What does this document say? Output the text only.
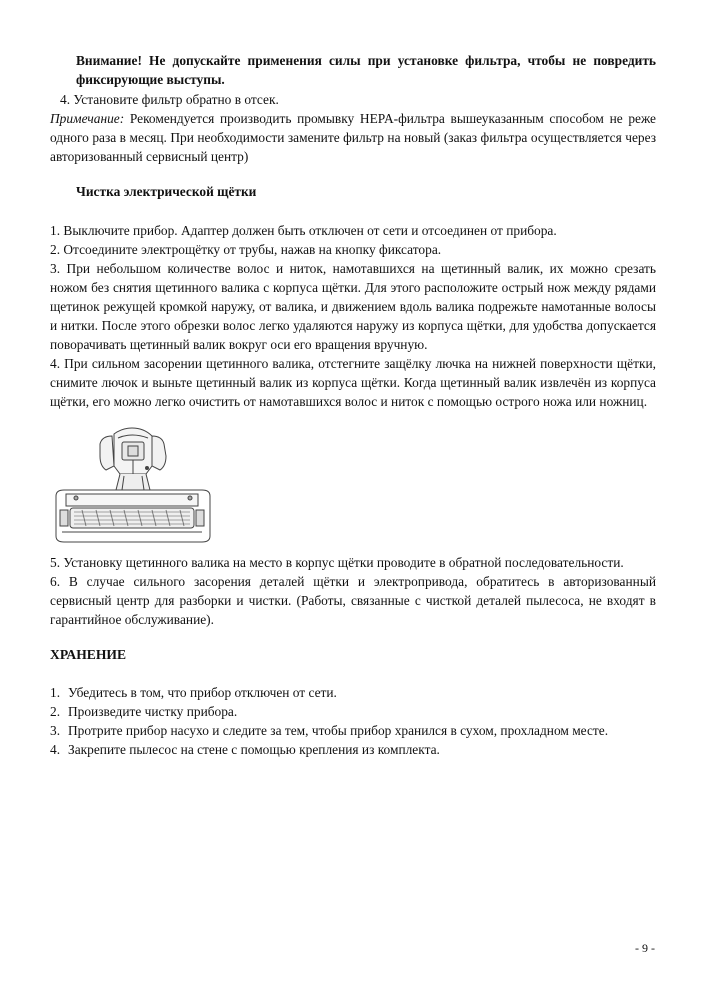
Внимание! Не допускайте применения силы при установке фильтра, чтобы не повредить фиксирующие выступы.

4. Установите фильтр обратно в отсек.

Примечание: Рекомендуется производить промывку HEPA-фильтра вышеуказанным способом не реже одного раза в месяц. При необходимости замените фильтр на новый (заказ фильтра осуществляется через авторизованный сервисный центр)

Чистка электрической щётки

1. Выключите прибор. Адаптер должен быть отключен от сети и отсоединен от прибора.

2. Отсоедините электрощётку от трубы, нажав на кнопку фиксатора.

3. При небольшом количестве волос и ниток, намотавшихся на щетинный валик, их можно срезать ножом без снятия щетинного валика с корпуса щётки. Для этого расположите острый нож между рядами щетинок режущей кромкой наружу, от валика, и движением вдоль валика подрежьте намотанные волосы и нитки. После этого обрезки волос легко удаляются наружу из корпуса щётки, для удобства допускается поворачивать щетинный валик вокруг оси его вращения вручную.

4. При сильном засорении щетинного валика, отстегните защёлку лючка на нижней поверхности щётки, снимите лючок и выньте щетинный валик из корпуса щётки. Когда щетинный валик извлечён из корпуса щётки, его можно легко очистить от намотавшихся волос и ниток с помощью острого ножа или ножниц.

5. Установку щетинного валика на место в корпус щётки проводите в обратной последовательности.

6. В случае сильного засорения деталей щётки и электропривода, обратитесь в авторизованный сервисный центр для разборки и чистки. (Работы, связанные с чисткой деталей пылесоса, не входят в гарантийное обслуживание).

ХРАНЕНИЕ

1. Убедитесь в том, что прибор отключен от сети.
2. Произведите чистку прибора.
3. Протрите прибор насухо и следите за тем, чтобы прибор хранился в сухом, прохладном месте.
4. Закрепите пылесос на стене с помощью крепления из комплекта.

- 9 -
